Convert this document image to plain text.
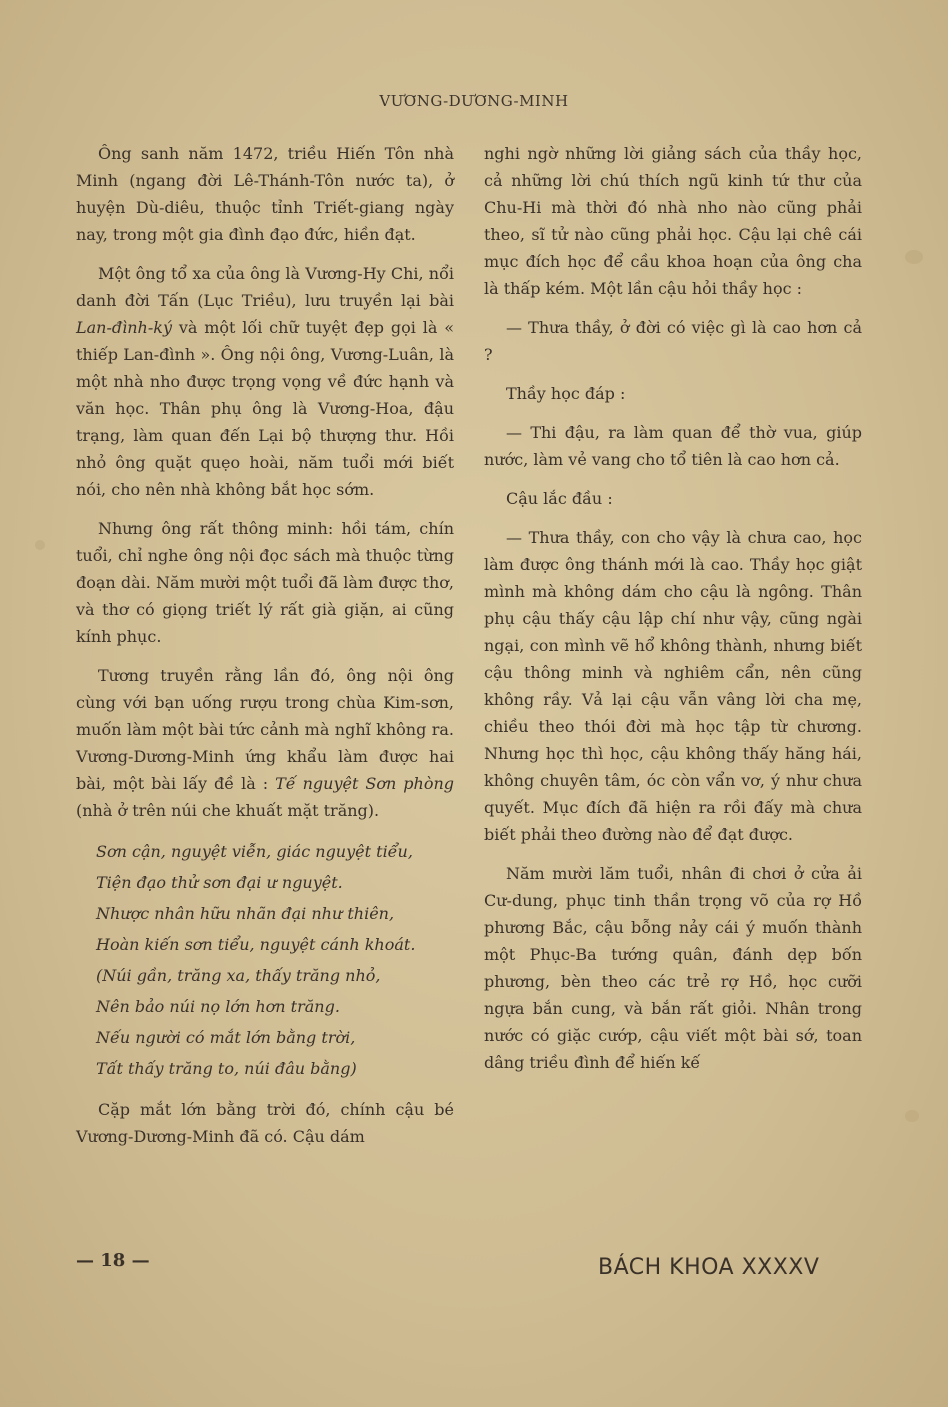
VƯƠNG-DƯƠNG-MINH

Ông sanh năm 1472, triều Hiến Tôn nhà Minh (ngang đời Lê-Thánh-Tôn nước ta), ở huyện Dù-diêu, thuộc tỉnh Triết-giang ngày nay, trong một gia đình đạo đức, hiền đạt.

Một ông tổ xa của ông là Vương-Hy Chi, nổi danh đời Tấn (Lục Triều), lưu truyền lại bài Lan-đình-ký và một lối chữ tuyệt đẹp gọi là « thiếp Lan-đình ». Ông nội ông, Vương-Luân, là một nhà nho được trọng vọng về đức hạnh và văn học. Thân phụ ông là Vương-Hoa, đậu trạng, làm quan đến Lại bộ thượng thư. Hồi nhỏ ông quặt quẹo hoài, năm tuổi mới biết nói, cho nên nhà không bắt học sớm.

Nhưng ông rất thông minh: hồi tám, chín tuổi, chỉ nghe ông nội đọc sách mà thuộc từng đoạn dài. Năm mười một tuổi đã làm được thơ, và thơ có giọng triết lý rất già giặn, ai cũng kính phục.

Tương truyền rằng lần đó, ông nội ông cùng với bạn uống rượu trong chùa Kim-sơn, muốn làm một bài tức cảnh mà nghĩ không ra. Vương-Dương-Minh ứng khẩu làm được hai bài, một bài lấy đề là : Tế nguyệt Sơn phòng (nhà ở trên núi che khuất mặt trăng).

Sơn cận, nguyệt viễn, giác nguyệt tiểu,
Tiện đạo thử sơn đại ư nguyệt.
Nhược nhân hữu nhãn đại như thiên,
Hoàn kiến sơn tiểu, nguyệt cánh khoát.
(Núi gần, trăng xa, thấy trăng nhỏ,
Nên bảo núi nọ lớn hơn trăng.
Nếu người có mắt lớn bằng trời,
Tất thấy trăng to, núi đâu bằng)

Cặp mắt lớn bằng trời đó, chính cậu bé Vương-Dương-Minh đã có. Cậu dám

nghi ngờ những lời giảng sách của thầy học, cả những lời chú thích ngũ kinh tứ thư của Chu-Hi mà thời đó nhà nho nào cũng phải theo, sĩ tử nào cũng phải học. Cậu lại chê cái mục đích học để cầu khoa hoạn của ông cha là thấp kém. Một lần cậu hỏi thầy học :

— Thưa thầy, ở đời có việc gì là cao hơn cả ?

Thầy học đáp :

— Thi đậu, ra làm quan để thờ vua, giúp nước, làm vẻ vang cho tổ tiên là cao hơn cả.

Cậu lắc đầu :

— Thưa thầy, con cho vậy là chưa cao, học làm được ông thánh mới là cao. Thầy học giật mình mà không dám cho cậu là ngông. Thân phụ cậu thấy cậu lập chí như vậy, cũng ngài ngại, con mình vẽ hổ không thành, nhưng biết cậu thông minh và nghiêm cẩn, nên cũng không rầy. Vả lại cậu vẫn vâng lời cha mẹ, chiều theo thói đời mà học tập từ chương. Nhưng học thì học, cậu không thấy hăng hái, không chuyên tâm, óc còn vẩn vơ, ý như chưa quyết. Mục đích đã hiện ra rồi đấy mà chưa biết phải theo đường nào để đạt được.

Năm mười lăm tuổi, nhân đi chơi ở cửa ải Cư-dung, phục tinh thần trọng võ của rợ Hồ phương Bắc, cậu bỗng nảy cái ý muốn thành một Phục-Ba tướng quân, đánh dẹp bốn phương, bèn theo các trẻ rợ Hồ, học cưỡi ngựa bắn cung, và bắn rất giỏi. Nhân trong nước có giặc cướp, cậu viết một bài sớ, toan dâng triều đình để hiến kế

— 18 —	BÁCH KHOA XXXXV
